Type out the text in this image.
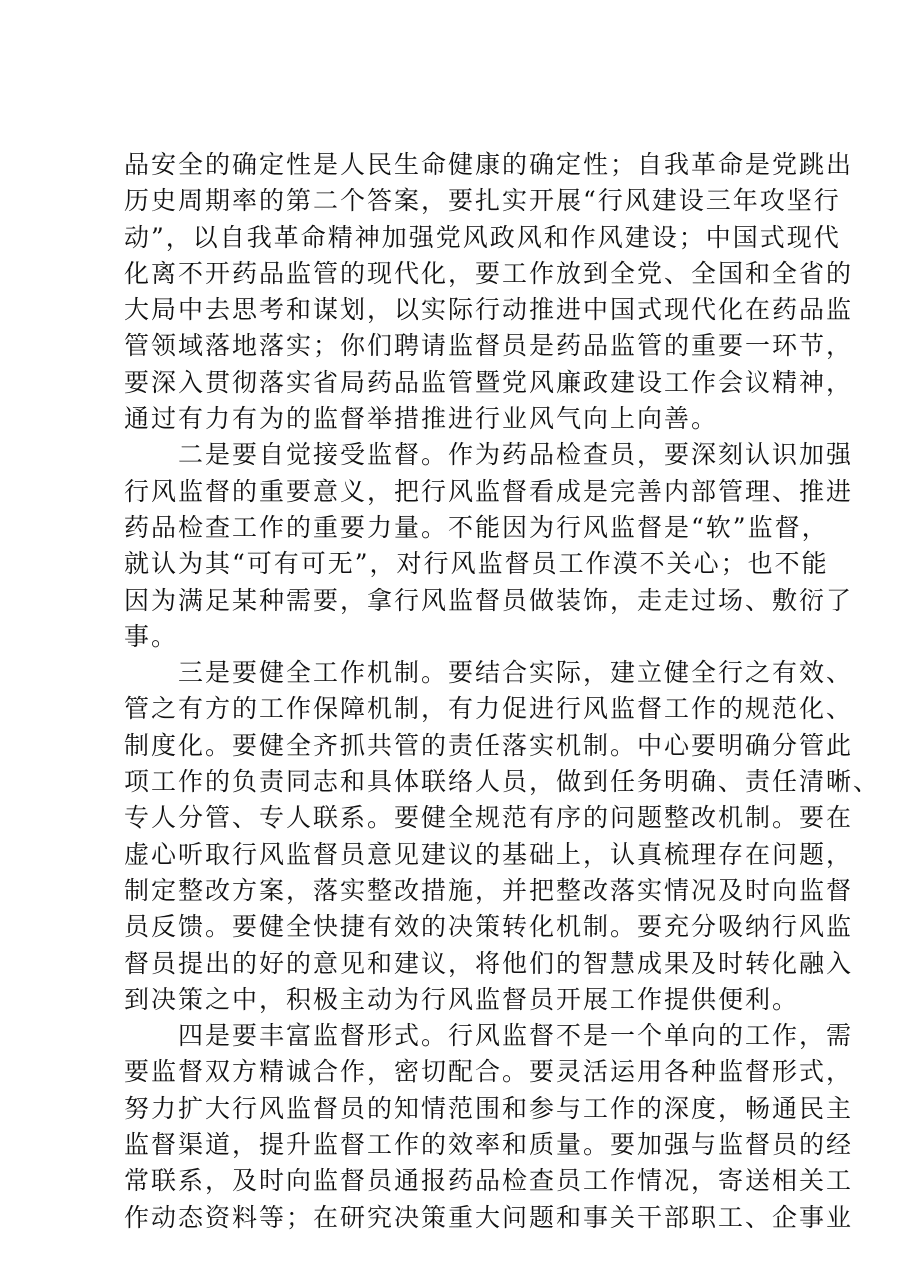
品安全的确定性是人民生命健康的确定性；自我革命是党跳出
历史周期率的第二个答案，要扎实开展“行风建设三年攻坚行
动”，以自我革命精神加强党风政风和作风建设；中国式现代
化离不开药品监管的现代化，要工作放到全党、全国和全省的
大局中去思考和谋划，以实际行动推进中国式现代化在药品监
管领域落地落实；你们聘请监督员是药品监管的重要一环节，
要深入贯彻落实省局药品监管暨党风廉政建设工作会议精神，
通过有力有为的监督举措推进行业风气向上向善。
二是要自觉接受监督。作为药品检查员，要深刻认识加强
行风监督的重要意义，把行风监督看成是完善内部管理、推进
药品检查工作的重要力量。不能因为行风监督是“软”监督，
就认为其“可有可无”，对行风监督员工作漠不关心；也不能
因为满足某种需要，拿行风监督员做装饰，走走过场、敷衍了
事。
三是要健全工作机制。要结合实际，建立健全行之有效、
管之有方的工作保障机制，有力促进行风监督工作的规范化、
制度化。要健全齐抓共管的责任落实机制。中心要明确分管此
项工作的负责同志和具体联络人员，做到任务明确、责任清晰、
专人分管、专人联系。要健全规范有序的问题整改机制。要在
虚心听取行风监督员意见建议的基础上，认真梳理存在问题，
制定整改方案，落实整改措施，并把整改落实情况及时向监督
员反馈。要健全快捷有效的决策转化机制。要充分吸纳行风监
督员提出的好的意见和建议，将他们的智慧成果及时转化融入
到决策之中，积极主动为行风监督员开展工作提供便利。
四是要丰富监督形式。行风监督不是一个单向的工作，需
要监督双方精诚合作，密切配合。要灵活运用各种监督形式，
努力扩大行风监督员的知情范围和参与工作的深度，畅通民主
监督渠道，提升监督工作的效率和质量。要加强与监督员的经
常联系，及时向监督员通报药品检查员工作情况，寄送相关工
作动态资料等；在研究决策重大问题和事关干部职工、企事业
